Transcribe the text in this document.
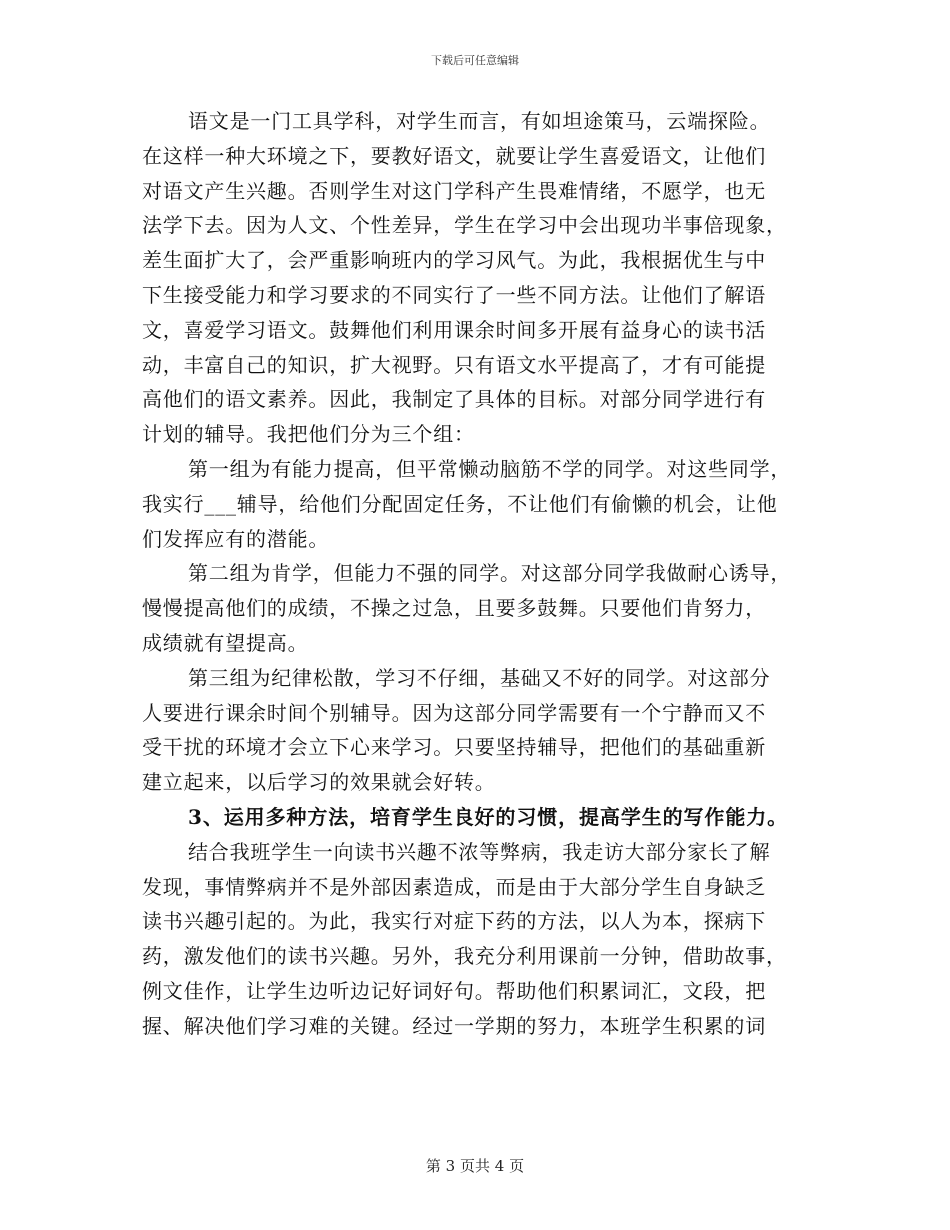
下载后可任意编辑
语文是一门工具学科，对学生而言，有如坦途策马，云端探险。
在这样一种大环境之下，要教好语文，就要让学生喜爱语文，让他们
对语文产生兴趣。否则学生对这门学科产生畏难情绪，不愿学，也无
法学下去。因为人文、个性差异，学生在学习中会出现功半事倍现象，
差生面扩大了，会严重影响班内的学习风气。为此，我根据优生与中
下生接受能力和学习要求的不同实行了一些不同方法。让他们了解语
文，喜爱学习语文。鼓舞他们利用课余时间多开展有益身心的读书活
动，丰富自己的知识，扩大视野。只有语文水平提高了，才有可能提
高他们的语文素养。因此，我制定了具体的目标。对部分同学进行有
计划的辅导。我把他们分为三个组：
第一组为有能力提高，但平常懒动脑筋不学的同学。对这些同学，
我实行___辅导，给他们分配固定任务，不让他们有偷懒的机会，让他
们发挥应有的潜能。
第二组为肯学，但能力不强的同学。对这部分同学我做耐心诱导，
慢慢提高他们的成绩，不操之过急，且要多鼓舞。只要他们肯努力，
成绩就有望提高。
第三组为纪律松散，学习不仔细，基础又不好的同学。对这部分
人要进行课余时间个别辅导。因为这部分同学需要有一个宁静而又不
受干扰的环境才会立下心来学习。只要坚持辅导，把他们的基础重新
建立起来，以后学习的效果就会好转。
3、运用多种方法，培育学生良好的习惯，提高学生的写作能力。
结合我班学生一向读书兴趣不浓等弊病，我走访大部分家长了解
发现，事情弊病并不是外部因素造成，而是由于大部分学生自身缺乏
读书兴趣引起的。为此，我实行对症下药的方法，以人为本，探病下
药，激发他们的读书兴趣。另外，我充分利用课前一分钟，借助故事，
例文佳作，让学生边听边记好词好句。帮助他们积累词汇，文段，把
握、解决他们学习难的关键。经过一学期的努力，本班学生积累的词
第 3 页共 4 页
